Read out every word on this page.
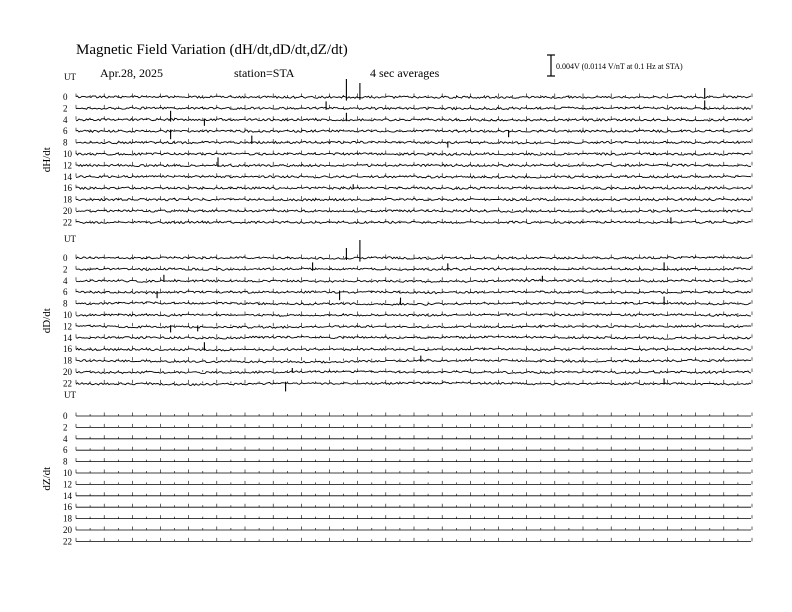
Magnetic Field Variation (dH/dt,dD/dt,dZ/dt)
Apr.28, 2025	station=STA	4 sec averages	0.004V (0.0114 V/nT at 0.1 Hz at STA)
UT
dH/dt
0
2
4
6
8
10
12
14
16
18
20
22
UT
dD/dt
0
2
4
6
8
10
12
14
16
18
20
22
UT
dZ/dt
0
2
4
6
8
10
12
14
16
18
20
22
